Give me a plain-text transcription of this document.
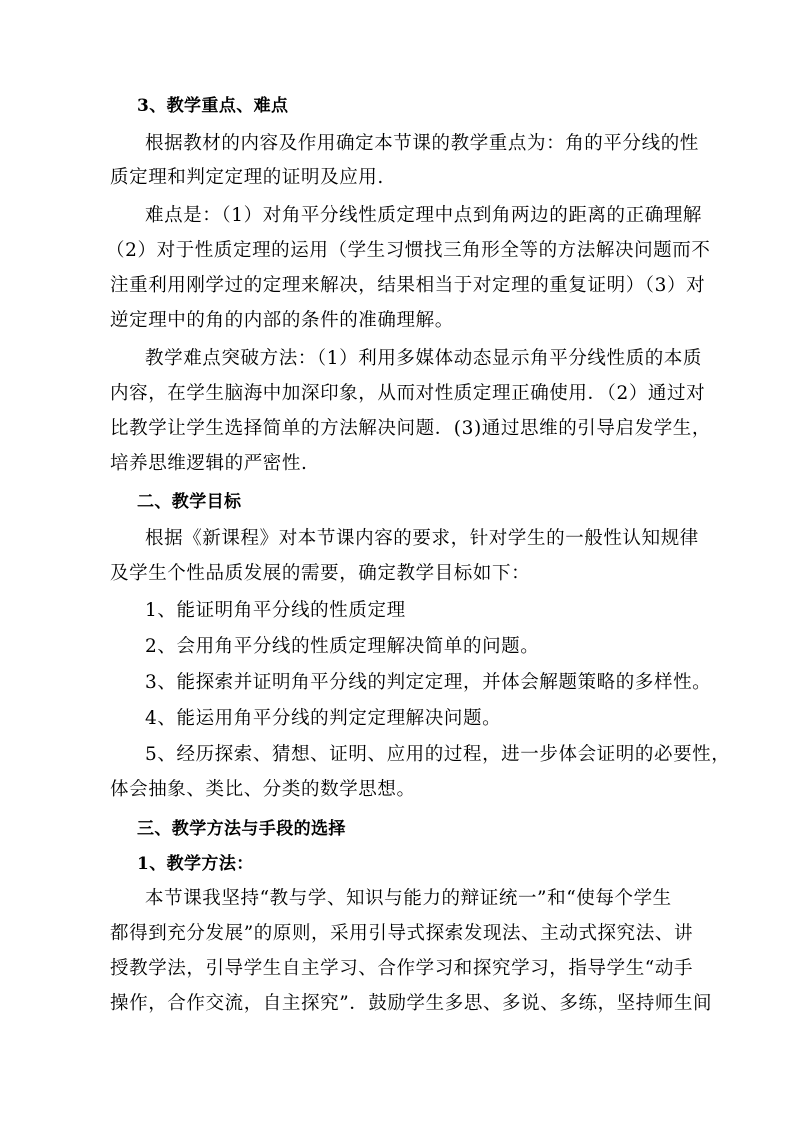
3、教学重点、难点
根据教材的内容及作用确定本节课的教学重点为：角的平分线的性
质定理和判定定理的证明及应用.
难点是：（1）对角平分线性质定理中点到角两边的距离的正确理解
（2）对于性质定理的运用（学生习惯找三角形全等的方法解决问题而不
注重利用刚学过的定理来解决，结果相当于对定理的重复证明）（3）对
逆定理中的角的内部的条件的准确理解。
教学难点突破方法：（1）利用多媒体动态显示角平分线性质的本质
内容，在学生脑海中加深印象，从而对性质定理正确使用．（2）通过对
比教学让学生选择简单的方法解决问题．(3)通过思维的引导启发学生，
培养思维逻辑的严密性.
二、教学目标
根据《新课程》对本节课内容的要求，针对学生的一般性认知规律
及学生个性品质发展的需要，确定教学目标如下：
1、能证明角平分线的性质定理
2、会用角平分线的性质定理解决简单的问题。
3、能探索并证明角平分线的判定定理，并体会解题策略的多样性。
4、能运用角平分线的判定定理解决问题。
5、经历探索、猜想、证明、应用的过程，进一步体会证明的必要性，
体会抽象、类比、分类的数学思想。
三、教学方法与手段的选择
1、教学方法：
本节课我坚持“教与学、知识与能力的辩证统一”和“使每个学生
都得到充分发展”的原则，采用引导式探索发现法、主动式探究法、讲
授教学法，引导学生自主学习、合作学习和探究学习，指导学生“动手
操作，合作交流，自主探究”．鼓励学生多思、多说、多练，坚持师生间
